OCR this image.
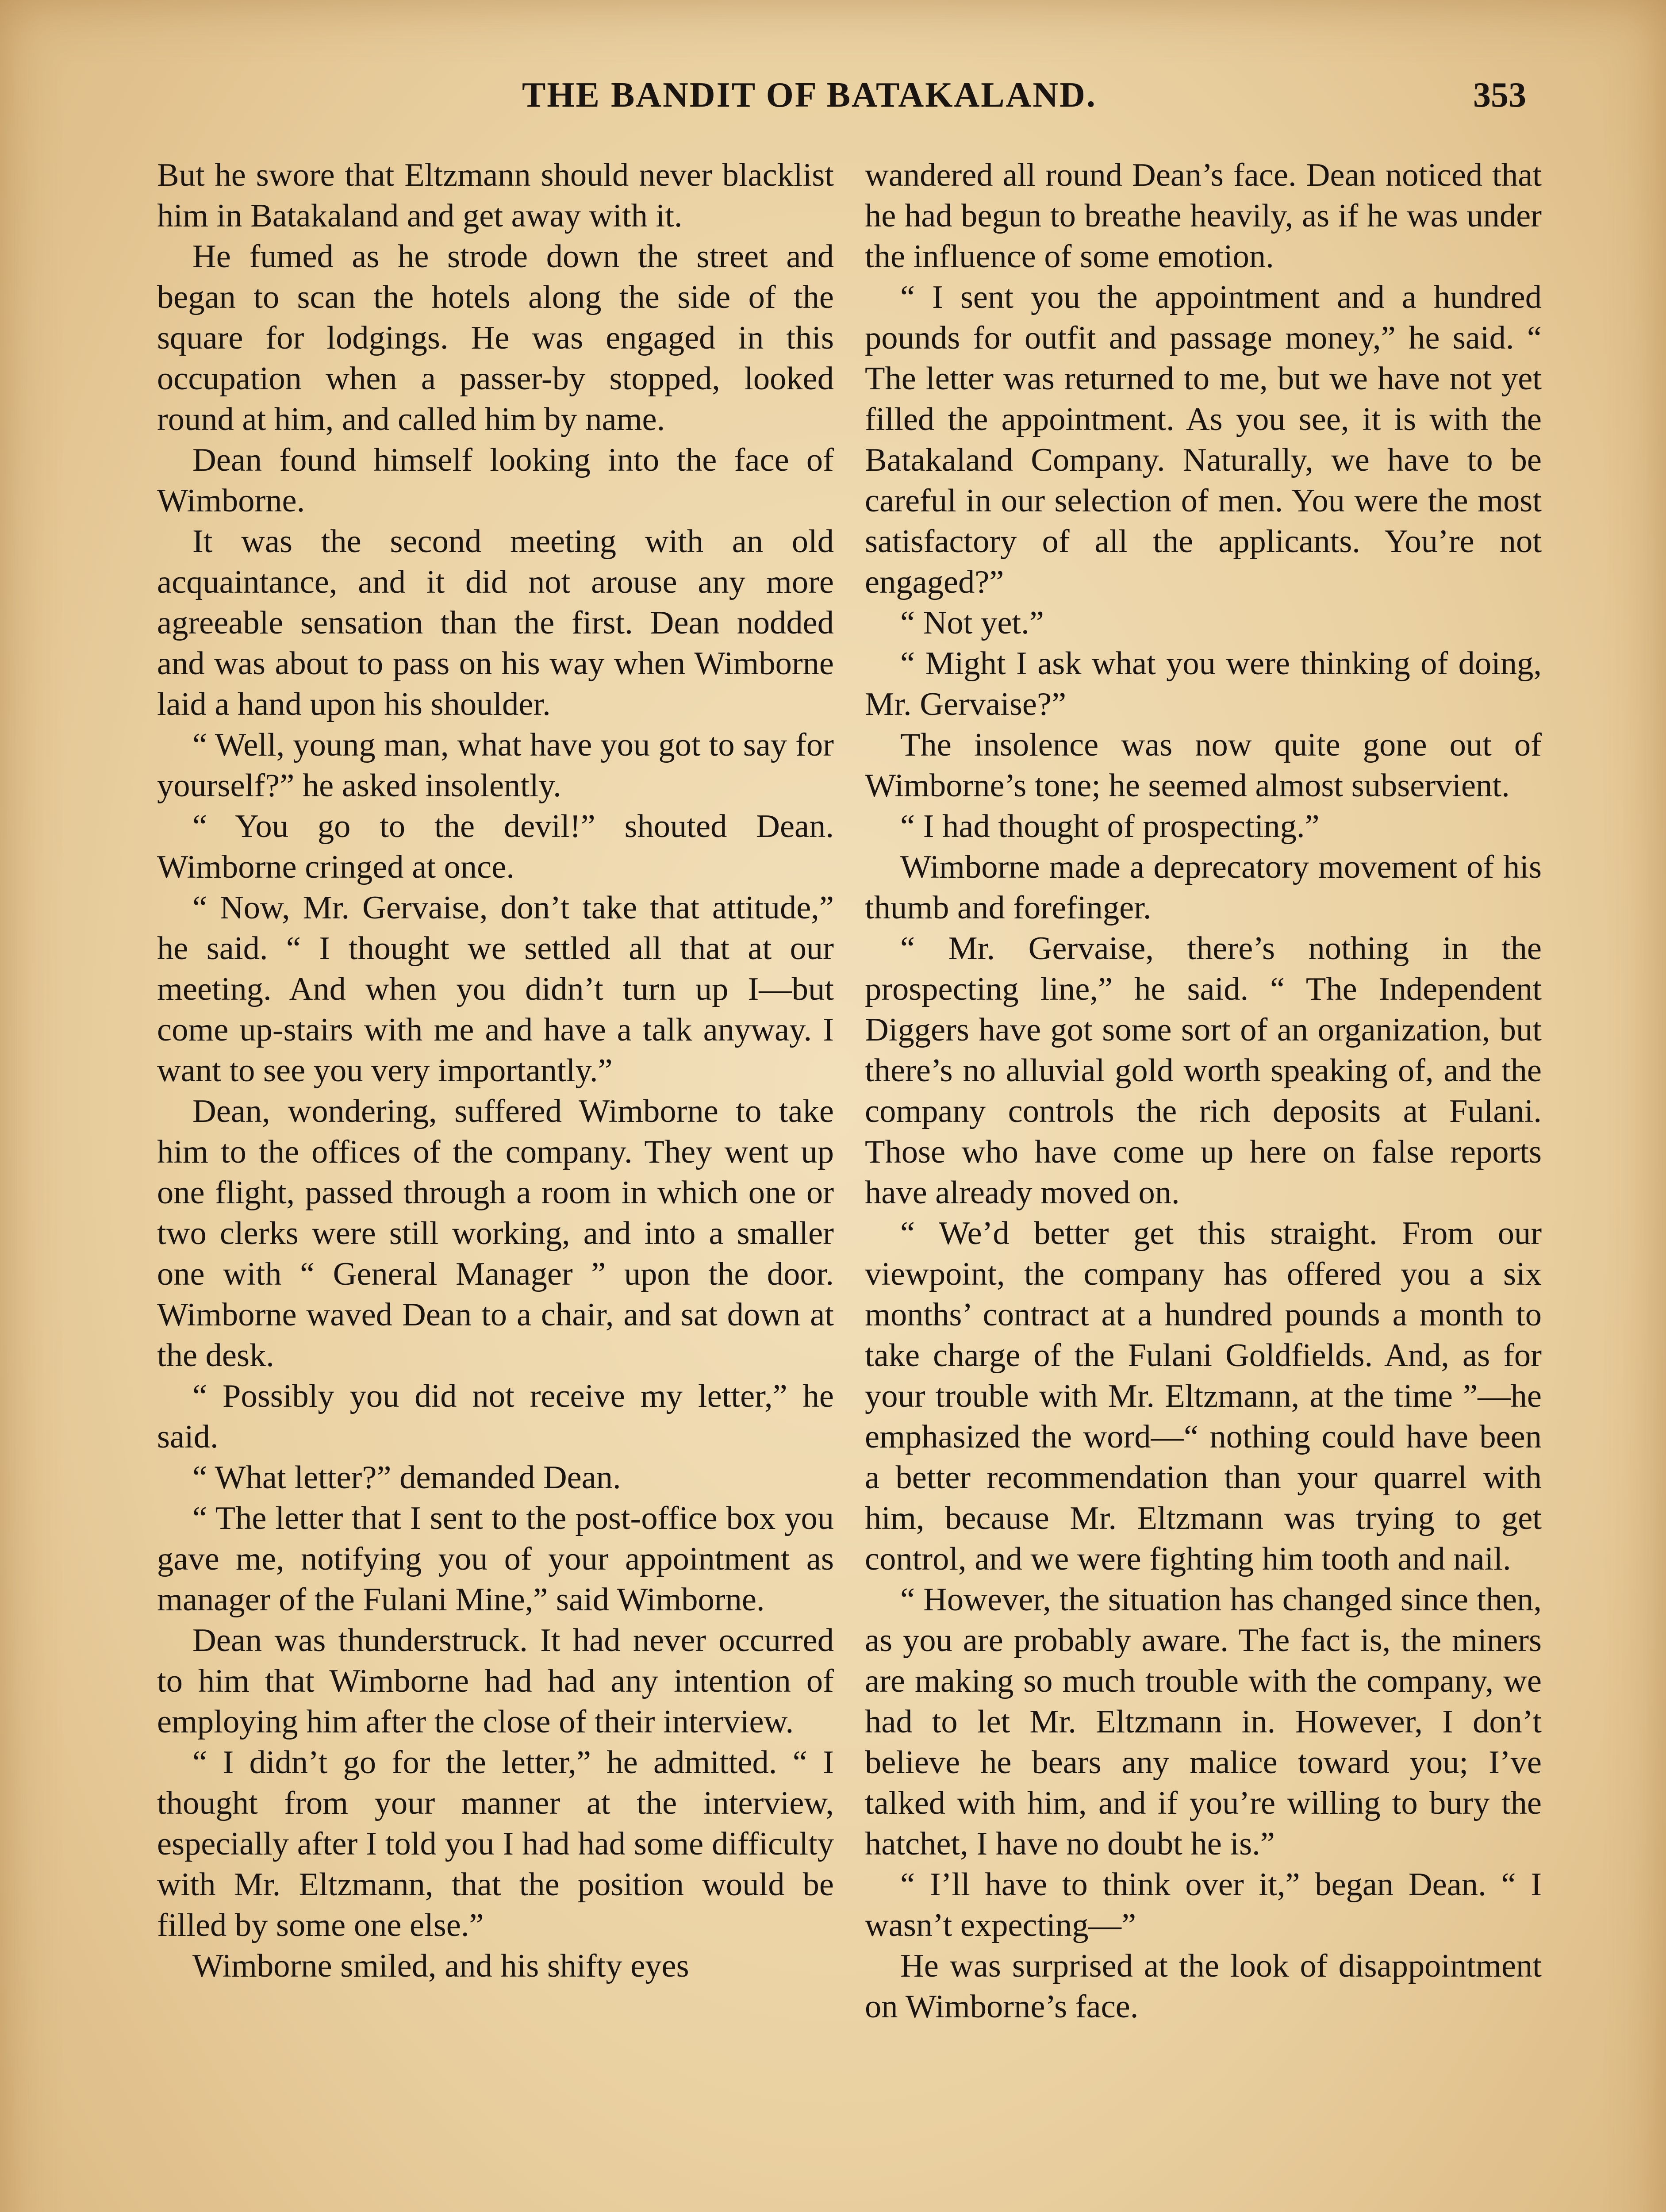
THE BANDIT OF BATAKALAND.	353

But he swore that Eltzmann should never blacklist him in Batakaland and get away with it.

He fumed as he strode down the street and began to scan the hotels along the side of the square for lodgings. He was engaged in this occupation when a passer-by stopped, looked round at him, and called him by name.

Dean found himself looking into the face of Wimborne.

It was the second meeting with an old acquaintance, and it did not arouse any more agreeable sensation than the first. Dean nodded and was about to pass on his way when Wimborne laid a hand upon his shoulder.

“ Well, young man, what have you got to say for yourself?” he asked insolently.

“ You go to the devil!” shouted Dean. Wimborne cringed at once.

“ Now, Mr. Gervaise, don’t take that attitude,” he said. “ I thought we settled all that at our meeting. And when you didn’t turn up I—but come up-stairs with me and have a talk anyway. I want to see you very importantly.”

Dean, wondering, suffered Wimborne to take him to the offices of the company. They went up one flight, passed through a room in which one or two clerks were still working, and into a smaller one with “ General Manager ” upon the door. Wimborne waved Dean to a chair, and sat down at the desk.

“ Possibly you did not receive my letter,” he said.

“ What letter?” demanded Dean.

“ The letter that I sent to the post-office box you gave me, notifying you of your appointment as manager of the Fulani Mine,” said Wimborne.

Dean was thunderstruck. It had never occurred to him that Wimborne had had any intention of employing him after the close of their interview.

“ I didn’t go for the letter,” he admitted. “ I thought from your manner at the interview, especially after I told you I had had some difficulty with Mr. Eltzmann, that the position would be filled by some one else.”

Wimborne smiled, and his shifty eyes

wandered all round Dean’s face. Dean noticed that he had begun to breathe heavily, as if he was under the influence of some emotion.

“ I sent you the appointment and a hundred pounds for outfit and passage money,” he said. “ The letter was returned to me, but we have not yet filled the appointment. As you see, it is with the Batakaland Company. Naturally, we have to be careful in our selection of men. You were the most satisfactory of all the applicants. You’re not engaged?”

“ Not yet.”

“ Might I ask what you were thinking of doing, Mr. Gervaise?”

The insolence was now quite gone out of Wimborne’s tone; he seemed almost subservient.

“ I had thought of prospecting.”

Wimborne made a deprecatory movement of his thumb and forefinger.

“ Mr. Gervaise, there’s nothing in the prospecting line,” he said. “ The Independent Diggers have got some sort of an organization, but there’s no alluvial gold worth speaking of, and the company controls the rich deposits at Fulani. Those who have come up here on false reports have already moved on.

“ We’d better get this straight. From our viewpoint, the company has offered you a six months’ contract at a hundred pounds a month to take charge of the Fulani Goldfields. And, as for your trouble with Mr. Eltzmann, at the time ”—he emphasized the word—“ nothing could have been a better recommendation than your quarrel with him, because Mr. Eltzmann was trying to get control, and we were fighting him tooth and nail.

“ However, the situation has changed since then, as you are probably aware. The fact is, the miners are making so much trouble with the company, we had to let Mr. Eltzmann in. However, I don’t believe he bears any malice toward you; I’ve talked with him, and if you’re willing to bury the hatchet, I have no doubt he is.”

“ I’ll have to think over it,” began Dean. “ I wasn’t expecting—”

He was surprised at the look of disappointment on Wimborne’s face.
